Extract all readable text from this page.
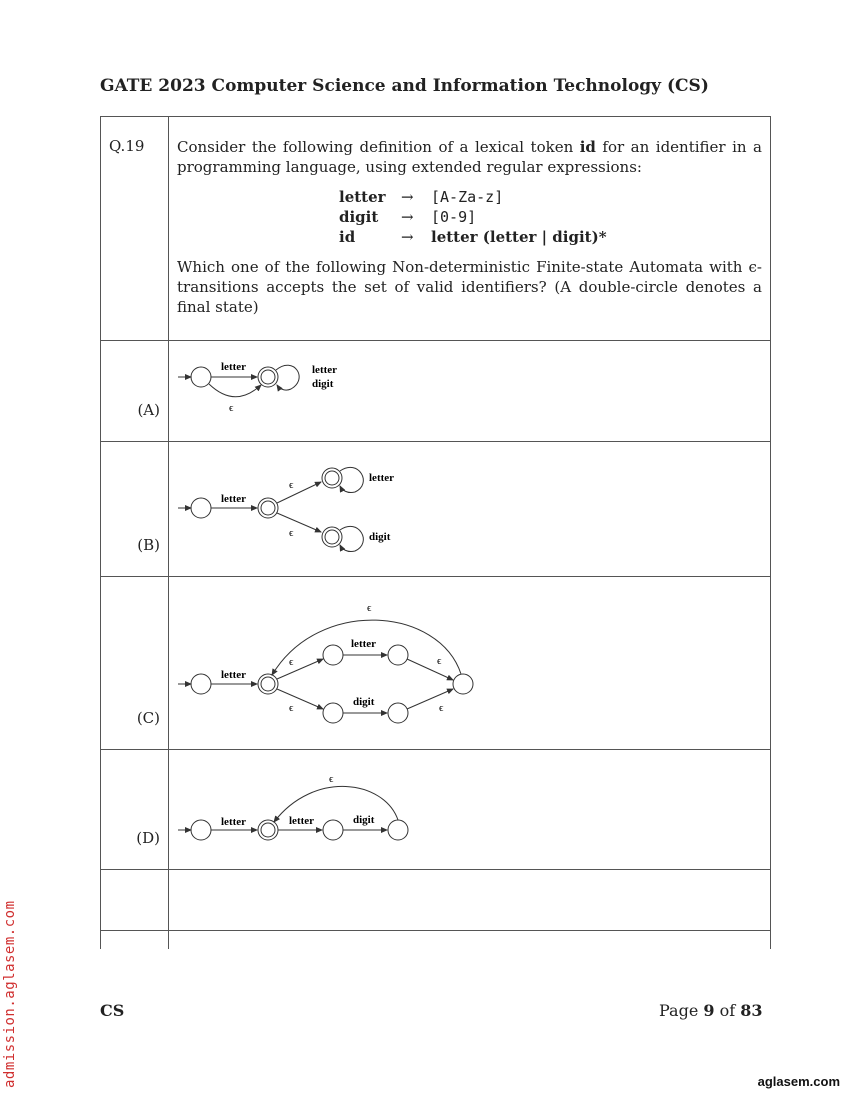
GATE 2023 Computer Science and Information Technology (CS)
Q.19	Consider the following definition of a lexical token id for an identifier in a programming language, using extended regular expressions:

letter	→	[A-Za-z]
digit	→	[0-9]
id	→	letter (letter | digit)*

Which one of the following Non-deterministic Finite-state Automata with ϵ-transitions accepts the set of valid identifiers? (A double-circle denotes a final state)

(A)

letter
ϵ
letter
digit

(B)

letter
ϵ
ϵ
letter
digit

(C)

letter
ϵ
ϵ
letter
digit
ϵ
ϵ
ϵ

(D)

letter	letter	digit
ϵ

CS	Page 9 of 83
admission.aglasem.com	aglasem.com
